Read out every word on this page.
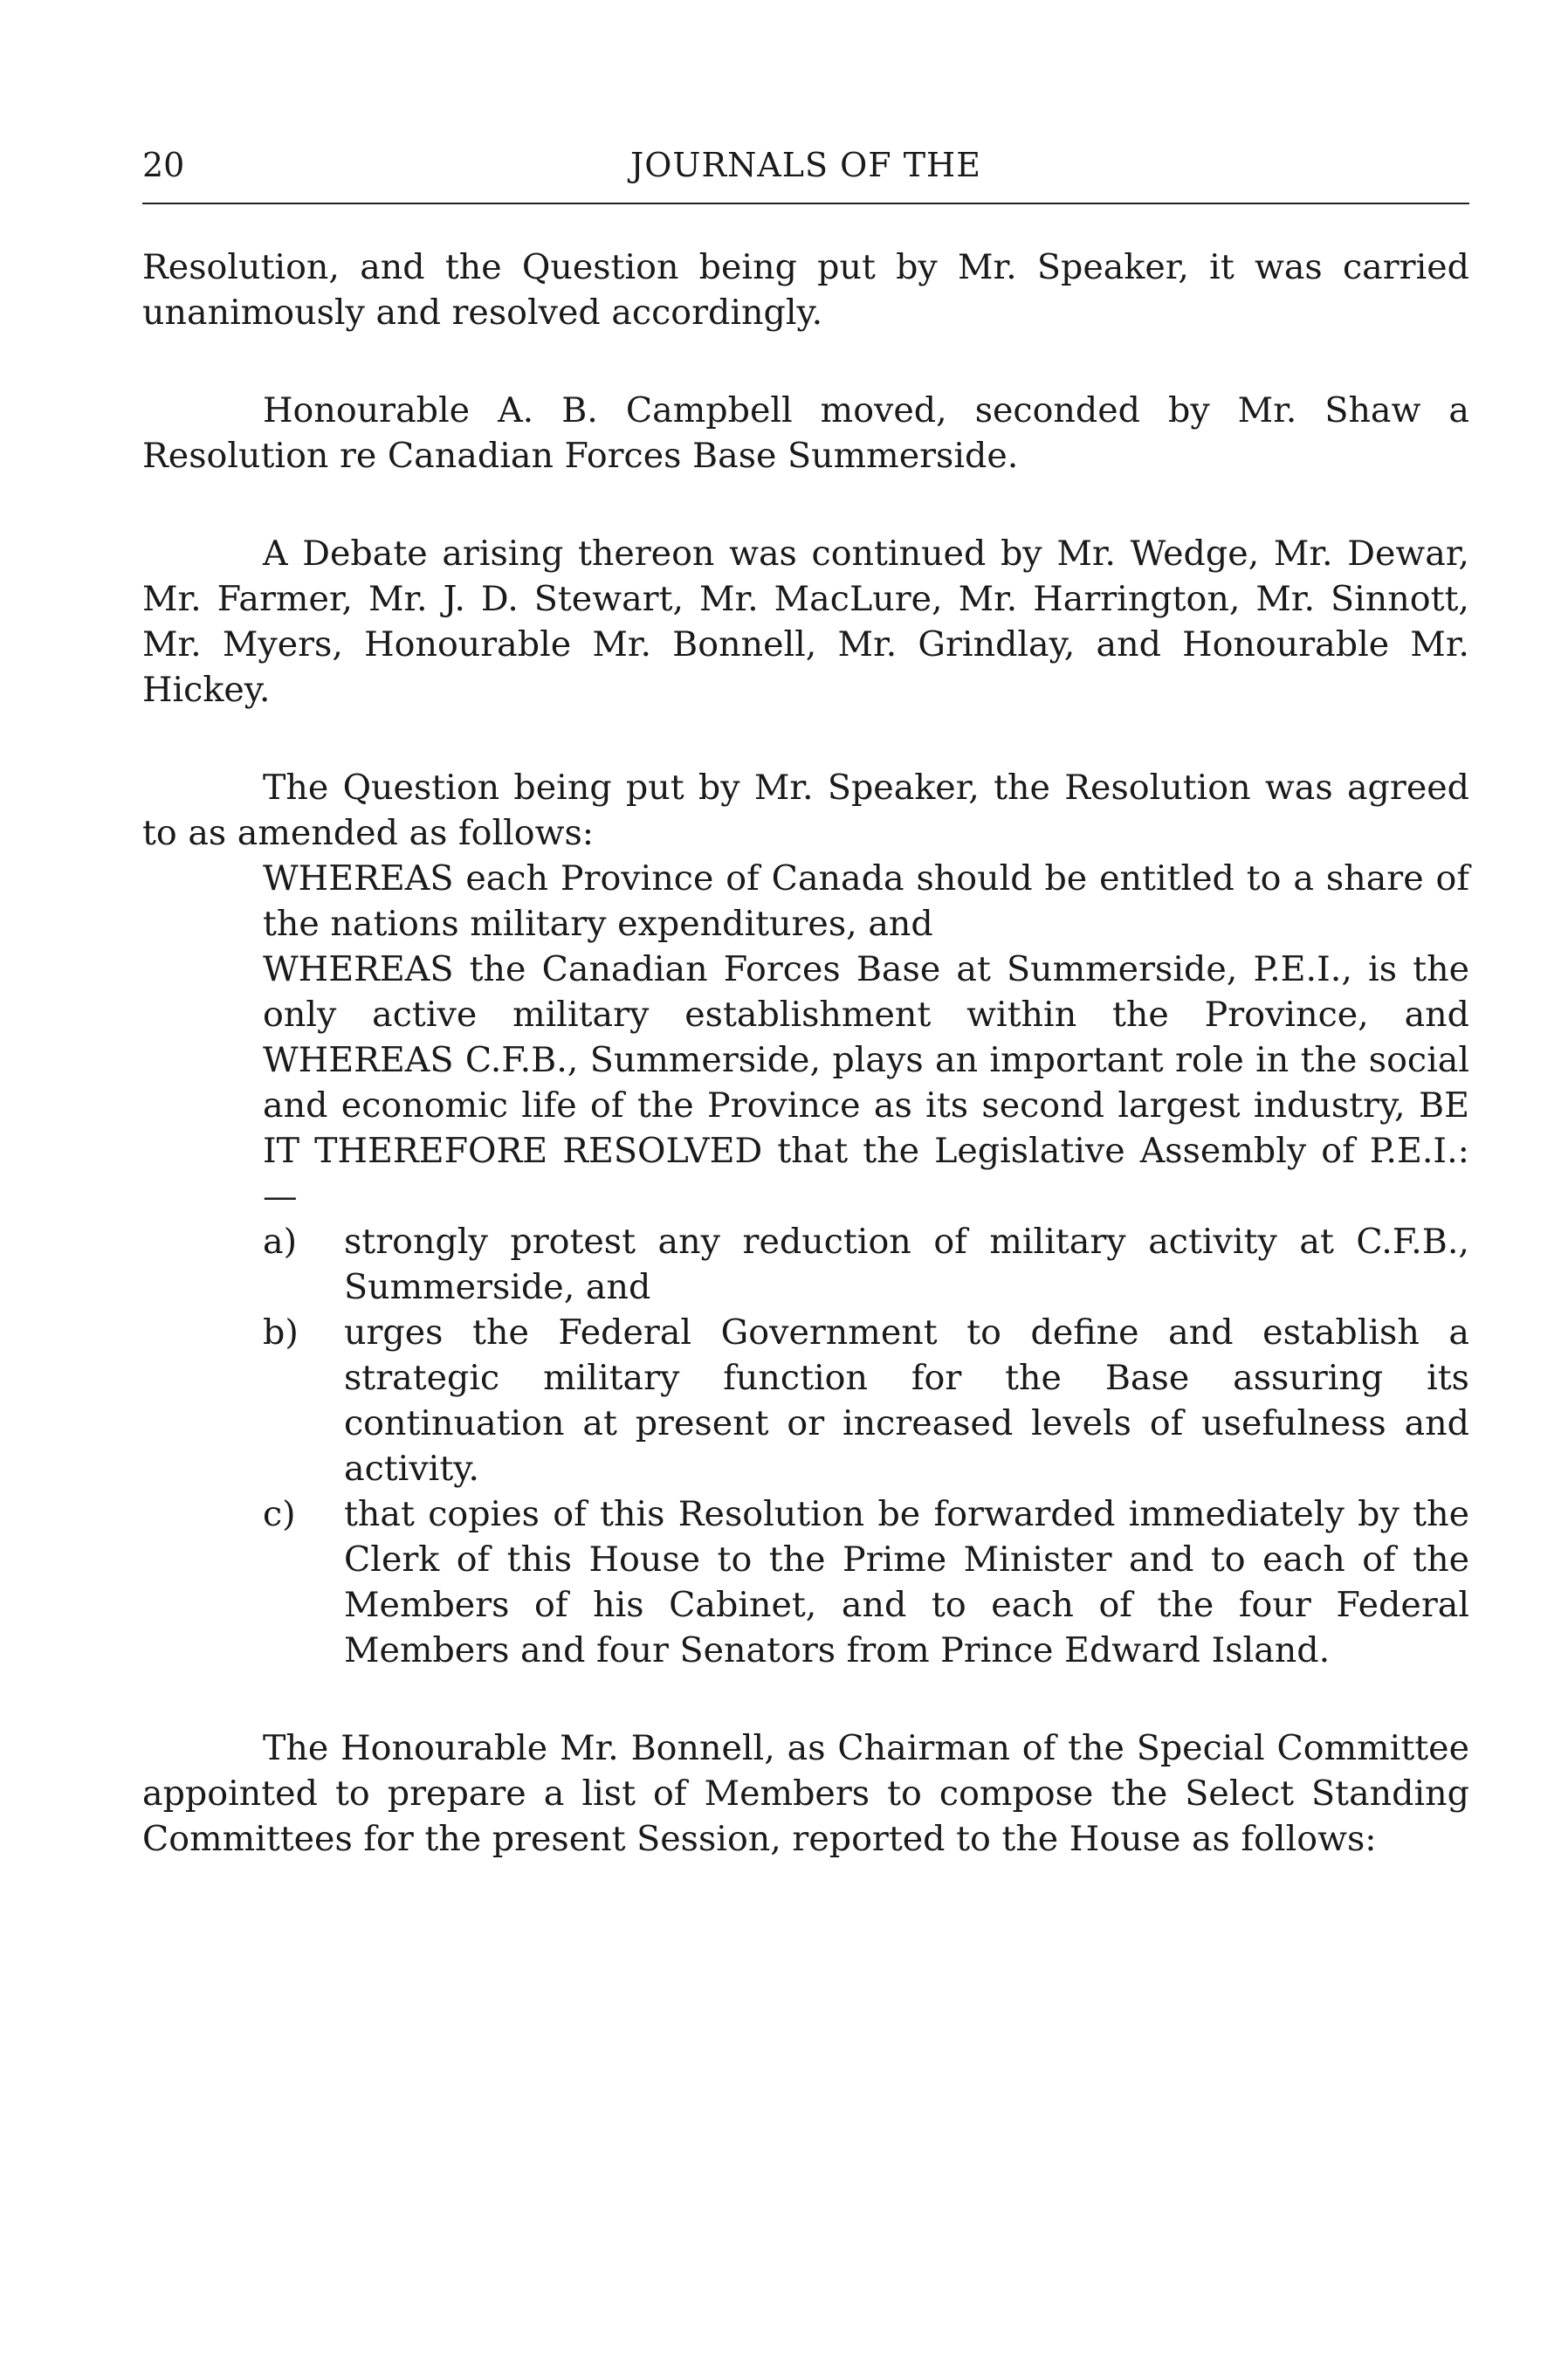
20	JOURNALS OF THE

Resolution, and the Question being put by Mr. Speaker, it was carried unanimously and resolved accordingly.

Honourable A. B. Campbell moved, seconded by Mr. Shaw a Resolution re Canadian Forces Base Summerside.

A Debate arising thereon was continued by Mr. Wedge, Mr. Dewar, Mr. Farmer, Mr. J. D. Stewart, Mr. MacLure, Mr. Harrington, Mr. Sinnott, Mr. Myers, Honourable Mr. Bonnell, Mr. Grindlay, and Honourable Mr. Hickey.

The Question being put by Mr. Speaker, the Resolution was agreed to as amended as follows:

WHEREAS each Province of Canada should be entitled to a share of the nations military expenditures, and

WHEREAS the Canadian Forces Base at Summerside, P.E.I., is the only active military establishment within the Province, and WHEREAS C.F.B., Summerside, plays an important role in the social and economic life of the Province as its second largest industry, BE IT THEREFORE RESOLVED that the Legislative Assembly of P.E.I.:—

a)	strongly protest any reduction of military activity at C.F.B., Summerside, and
b)	urges the Federal Government to define and establish a strategic military function for the Base assuring its continuation at present or increased levels of usefulness and activity.
c)	that copies of this Resolution be forwarded immediately by the Clerk of this House to the Prime Minister and to each of the Members of his Cabinet, and to each of the four Federal Members and four Senators from Prince Edward Island.

The Honourable Mr. Bonnell, as Chairman of the Special Committee appointed to prepare a list of Members to compose the Select Standing Committees for the present Session, reported to the House as follows:
